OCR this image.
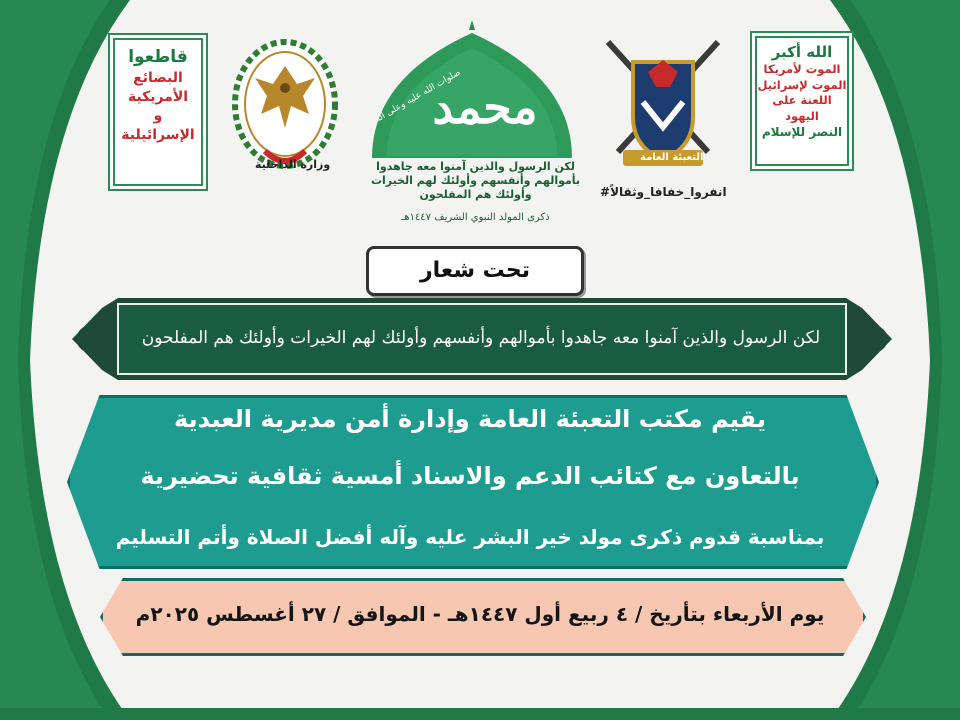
قاطعوا
البضائع الأمريكية
و
الإسرائيلية
الله أكبر
الموت لأمريكا
الموت لإسرائيل
اللعنة على اليهود
النصر للإسلام
وزارة الداخلية
التعبئة العامة
#انفروا_خفافا_وثقالاً
محمد
صلوات الله عليه وعلى آله
لكن الرسول والذين آمنوا معه جاهدوا بأموالهم وأنفسهم وأولئك لهم الخيرات وأولئك هم المفلحون
ذكرى المولد النبوي الشريف ١٤٤٧هـ
تحت شعار
لكن الرسول والذين آمنوا معه جاهدوا بأموالهم وأنفسهم وأولئك لهم الخيرات وأولئك هم المفلحون
يقيم مكتب التعبئة العامة وإدارة أمن مديرية العبدية
بالتعاون مع كتائب الدعم والاسناد أمسية ثقافية تحضيرية
بمناسبة قدوم ذكرى مولد خير البشر عليه وآله أفضل الصلاة وأتم التسليم
يوم الأربعاء بتأريخ / ٤ ربيع أول ١٤٤٧هـ - الموافق / ٢٧ أغسطس ٢٠٢٥م
